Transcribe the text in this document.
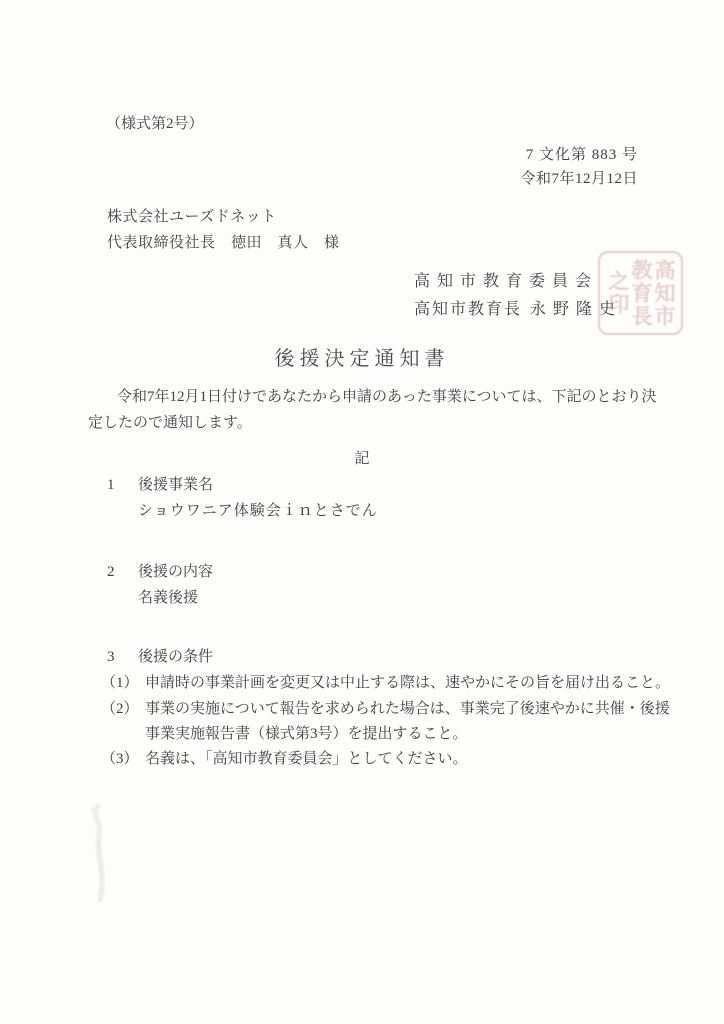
（様式第2号）
7 文化第 883 号
令和7年12月12日
株式会社ユーズドネット
代表取締役社長　徳田　真人　様
高知市教育委員会
高知市教育長 永野隆史 高知市
教育長
之印
後援決定通知書
令和7年12月1日付けであなたから申請のあった事業については、下記のとおり決
定したので通知します。
記
1 後援事業名
ショウワニア体験会ｉｎとさでん
2 後援の内容
名義後援
3 後援の条件
（1） 申請時の事業計画を変更又は中止する際は、速やかにその旨を届け出ること。
（2） 事業の実施について報告を求められた場合は、事業完了後速やかに共催・後援
事業実施報告書（様式第3号）を提出すること。
（3） 名義は、「高知市教育委員会」としてください。
